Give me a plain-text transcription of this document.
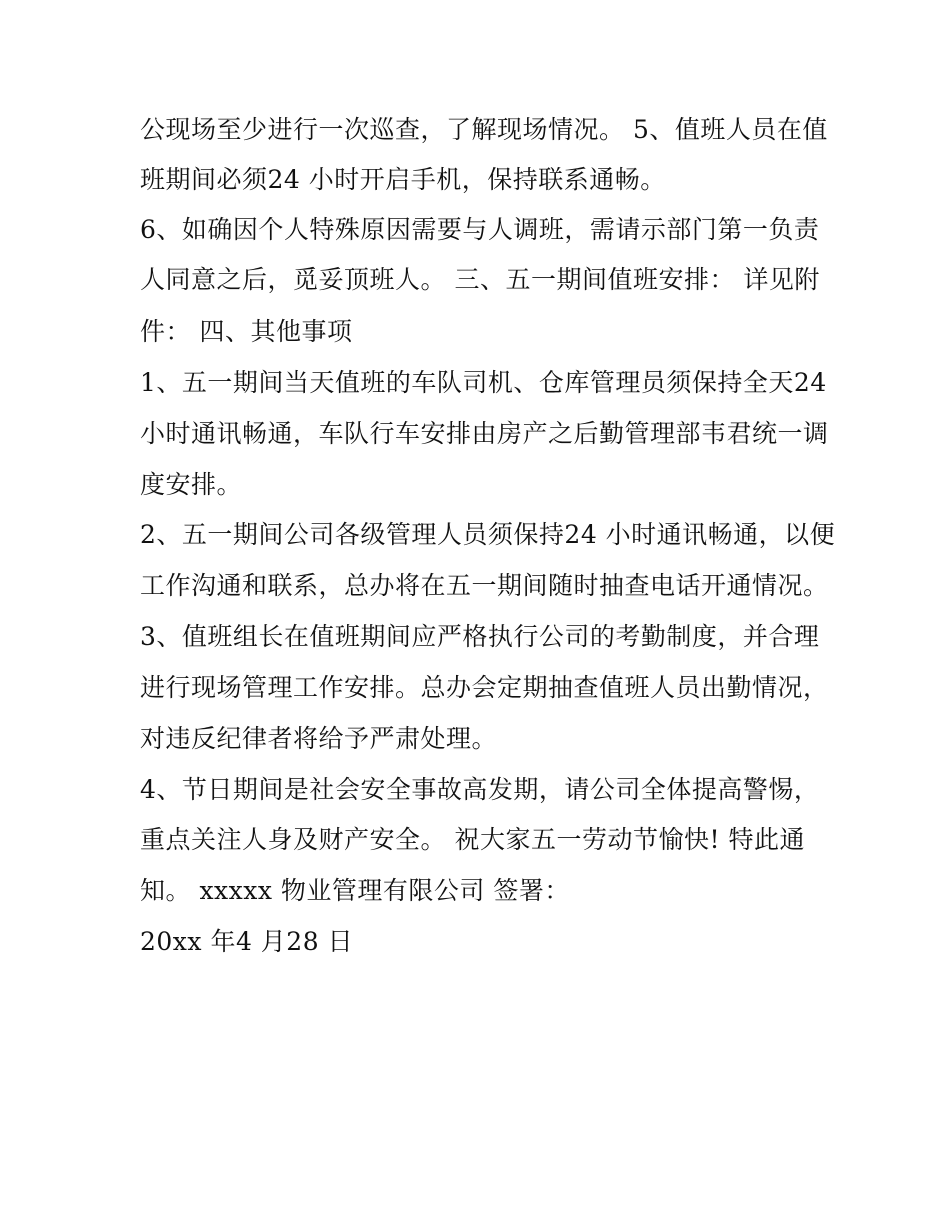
公现场至少进行一次巡查，了解现场情况。 5、值班人员在值
班期间必须24 小时开启手机，保持联系通畅。
6、如确因个人特殊原因需要与人调班，需请示部门第一负责
人同意之后，觅妥顶班人。 三、五一期间值班安排： 详见附
件： 四、其他事项
1、五一期间当天值班的车队司机、仓库管理员须保持全天24
小时通讯畅通，车队行车安排由房产之后勤管理部韦君统一调
度安排。
2、五一期间公司各级管理人员须保持24 小时通讯畅通，以便
工作沟通和联系，总办将在五一期间随时抽查电话开通情况。
3、值班组长在值班期间应严格执行公司的考勤制度，并合理
进行现场管理工作安排。总办会定期抽查值班人员出勤情况，
对违反纪律者将给予严肃处理。
4、节日期间是社会安全事故高发期，请公司全体提高警惕，
重点关注人身及财产安全。 祝大家五一劳动节愉快! 特此通
知。 xxxxx 物业管理有限公司 签署：
20xx 年4 月28 日
